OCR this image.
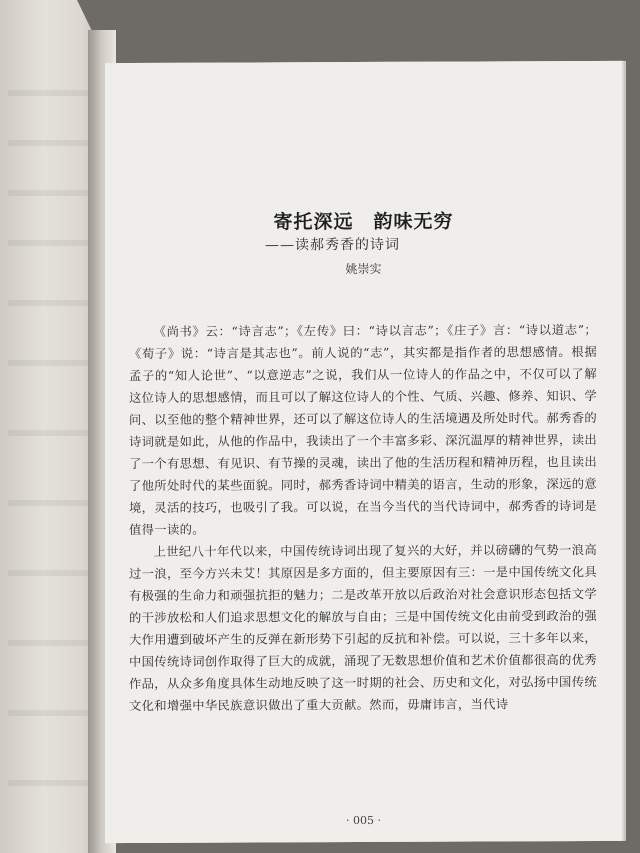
寄托深远　韵味无穷
——读郝秀香的诗词
姚崇实

《尚书》云：“诗言志”；《左传》曰：“诗以言志”；《庄子》言：“诗以道志”；《荀子》说：“诗言是其志也”。前人说的“志”，其实都是指作者的思想感情。根据孟子的“知人论世”、“以意逆志”之说，我们从一位诗人的作品之中，不仅可以了解这位诗人的思想感情，而且可以了解这位诗人的个性、气质、兴趣、修养、知识、学问、以至他的整个精神世界，还可以了解这位诗人的生活境遇及所处时代。郝秀香的诗词就是如此，从他的作品中，我读出了一个丰富多彩、深沉温厚的精神世界，读出了一个有思想、有见识、有节操的灵魂，读出了他的生活历程和精神历程，也且读出了他所处时代的某些面貌。同时，郝秀香诗词中精美的语言，生动的形象，深远的意境，灵活的技巧，也吸引了我。可以说，在当今当代的当代诗词中，郝秀香的诗词是值得一读的。

上世纪八十年代以来，中国传统诗词出现了复兴的大好，并以磅礴的气势一浪高过一浪，至今方兴未艾！其原因是多方面的，但主要原因有三：一是中国传统文化具有极强的生命力和顽强抗拒的魅力；二是改革开放以后政治对社会意识形态包括文学的干涉放松和人们追求思想文化的解放与自由；三是中国传统文化由前受到政治的强大作用遭到破坏产生的反弹在新形势下引起的反抗和补偿。可以说，三十多年以来，中国传统诗词创作取得了巨大的成就，涌现了无数思想价值和艺术价值都很高的优秀作品，从众多角度具体生动地反映了这一时期的社会、历史和文化，对弘扬中国传统文化和增强中华民族意识做出了重大贡献。然而，毋庸讳言，当代诗

· 005 ·
